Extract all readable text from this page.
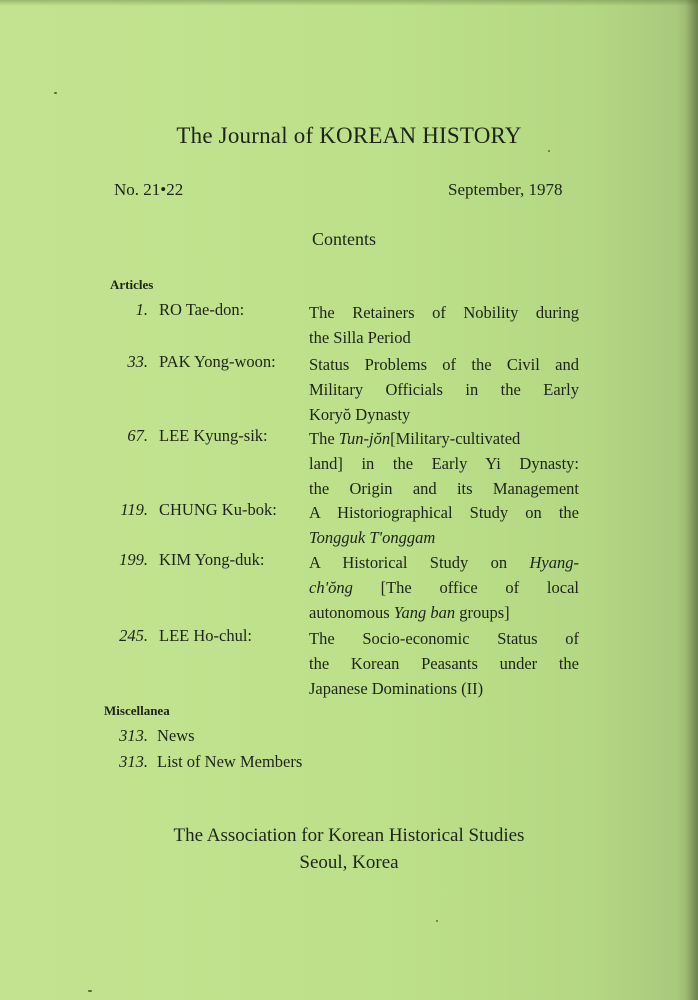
The Journal of KOREAN HISTORY
No. 21•22	September, 1978
Contents
Articles
1. RO Tae-don:	The Retainers of Nobility during
the Silla Period
33. PAK Yong-woon: Status Problems of the Civil and
Military Officials in the Early
Koryŏ Dynasty
67. LEE Kyung-sik:	The Tun-jŏn[Military-cultivated
land] in the Early Yi Dynasty:
the Origin and its Management
119. CHUNG Ku-bok: A Historiographical Study on the
Tongguk T'onggam
199. KIM Yong-duk:	A Historical Study on Hyang-
ch'ŏng [The office of local
autonomous Yang ban groups]
245. LEE Ho-chul:	The Socio-economic Status of
the Korean Peasants under the
Japanese Dominations (II)
Miscellanea
313. News
313. List of New Members
The Association for Korean Historical Studies
Seoul, Korea
